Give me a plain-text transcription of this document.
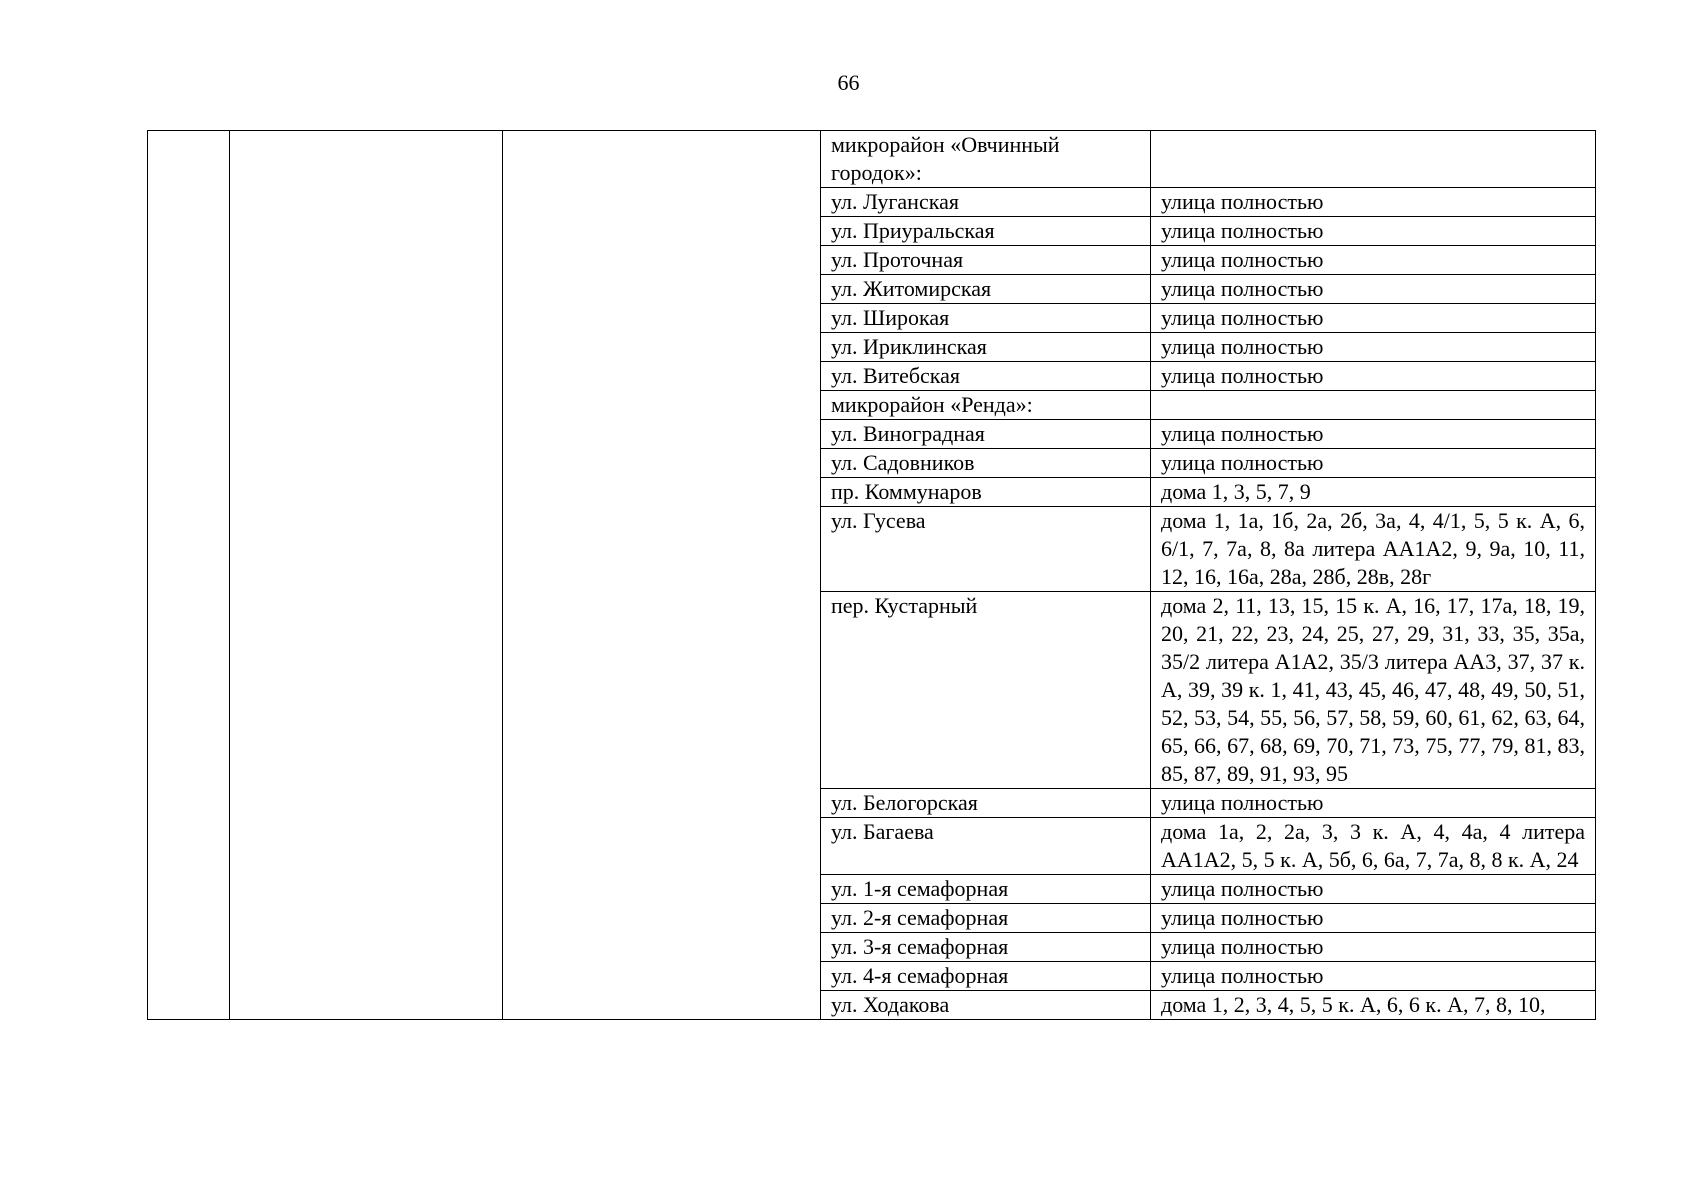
66
			микрорайон «Овчинный городок»:	
			ул. Луганская	улица полностью
			ул. Приуральская	улица полностью
			ул. Проточная	улица полностью
			ул. Житомирская	улица полностью
			ул. Широкая	улица полностью
			ул. Ириклинская	улица полностью
			ул. Витебская	улица полностью
			микрорайон «Ренда»:	
			ул. Виноградная	улица полностью
			ул. Садовников	улица полностью
			пр. Коммунаров	дома 1, 3, 5, 7, 9
			ул. Гусева	дома 1, 1а, 1б, 2а, 2б, 3а, 4, 4/1, 5, 5 к. А, 6, 6/1, 7, 7а, 8, 8а литера АА1А2, 9, 9а, 10, 11, 12, 16, 16а, 28а, 28б, 28в, 28г
			пер. Кустарный	дома 2, 11, 13, 15, 15 к. А, 16, 17, 17а, 18, 19, 20, 21, 22, 23, 24, 25, 27, 29, 31, 33, 35, 35а, 35/2 литера А1А2, 35/3 литера АА3, 37, 37 к. А, 39, 39 к. 1, 41, 43, 45, 46, 47, 48, 49, 50, 51, 52, 53, 54, 55, 56, 57, 58, 59, 60, 61, 62, 63, 64, 65, 66, 67, 68, 69, 70, 71, 73, 75, 77, 79, 81, 83, 85, 87, 89, 91, 93, 95
			ул. Белогорская	улица полностью
			ул. Багаева	дома 1а, 2, 2а, 3, 3 к. А, 4, 4а, 4 литера АА1А2, 5, 5 к. А, 5б, 6, 6а, 7, 7а, 8, 8 к. А, 24
			ул. 1-я семафорная	улица полностью
			ул. 2-я семафорная	улица полностью
			ул. 3-я семафорная	улица полностью
			ул. 4-я семафорная	улица полностью
			ул. Ходакова	дома 1, 2, 3, 4, 5, 5 к. А, 6, 6 к. А, 7, 8, 10,
